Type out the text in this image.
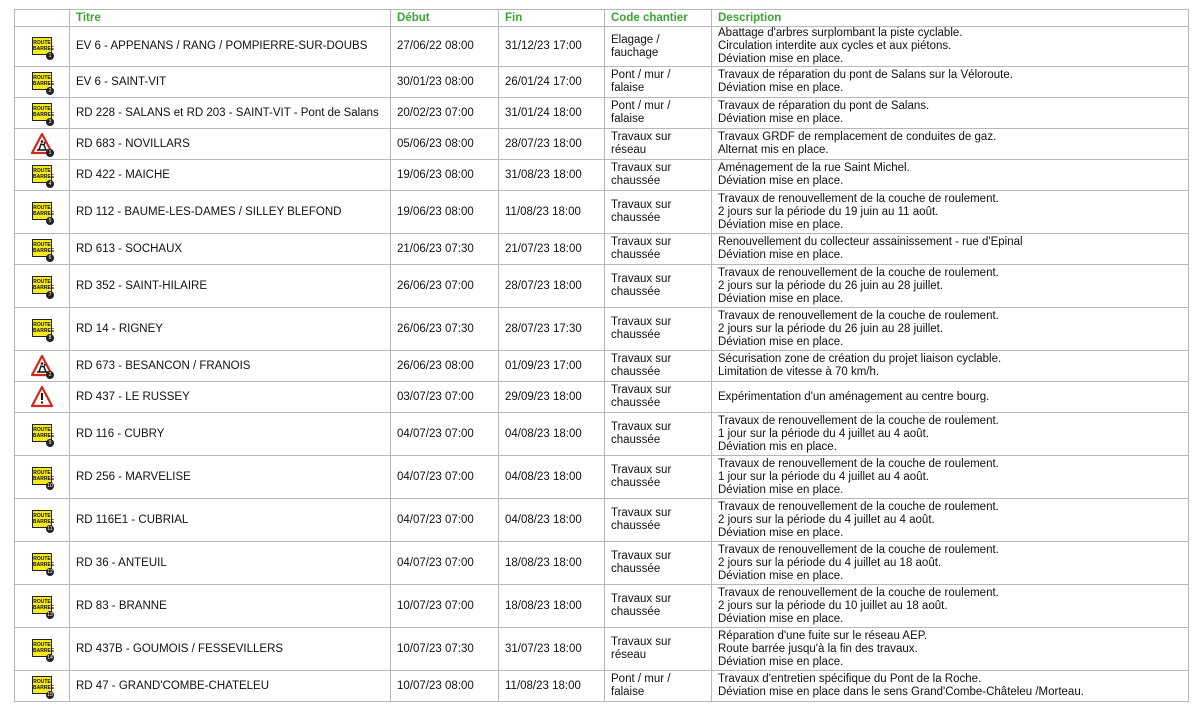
	Titre	Début	Fin	Code chantier	Description

ROUTE
BARREE
1	EV 6 - APPENANS / RANG / POMPIERRE-SUR-DOUBS	27/06/22 08:00	31/12/23 17:00	Elagage / fauchage	Abattage d'arbres surplombant la piste cyclable.
Circulation interdite aux cycles et aux piétons.
Déviation mise en place.

ROUTE
BARREE
2	EV 6 - SAINT-VIT	30/01/23 08:00	26/01/24 17:00	Pont / mur / falaise	Travaux de réparation du pont de Salans sur la Véloroute.
Déviation mise en place.

ROUTE
BARREE
3	RD 228 - SALANS et RD 203 - SAINT-VIT - Pont de Salans	20/02/23 07:00	31/01/24 18:00	Pont / mur / falaise	Travaux de réparation du pont de Salans.
Déviation mise en place.

1	RD 683 - NOVILLARS	05/06/23 08:00	28/07/23 18:00	Travaux sur réseau	Travaux GRDF de remplacement de conduites de gaz.
Alternat mis en place.

ROUTE
BARREE
4	RD 422 - MAICHE	19/06/23 08:00	31/08/23 18:00	Travaux sur chaussée	Aménagement de la rue Saint Michel.
Déviation mise en place.

ROUTE
BARREE
5	RD 112 - BAUME-LES-DAMES / SILLEY BLEFOND	19/06/23 08:00	11/08/23 18:00	Travaux sur chaussée	Travaux de renouvellement de la couche de roulement.
2 jours sur la période du 19 juin au 11 août.
Déviation mise en place.

ROUTE
BARREE
6	RD 613 - SOCHAUX	21/06/23 07:30	21/07/23 18:00	Travaux sur chaussée	Renouvellement du collecteur assainissement - rue d'Epinal
Déviation mise en place.

ROUTE
BARREE
7	RD 352 - SAINT-HILAIRE	26/06/23 07:00	28/07/23 18:00	Travaux sur chaussée	Travaux de renouvellement de la couche de roulement.
2 jours sur la période du 26 juin au 28 juillet.
Déviation mise en place.

ROUTE
BARREE
8	RD 14 - RIGNEY	26/06/23 07:30	28/07/23 17:30	Travaux sur chaussée	Travaux de renouvellement de la couche de roulement.
2 jours sur la période du 26 juin au 28 juillet.
Déviation mise en place.

2	RD 673 - BESANCON / FRANOIS	26/06/23 08:00	01/09/23 17:00	Travaux sur chaussée	Sécurisation zone de création du projet liaison cyclable.
Limitation de vitesse à 70 km/h.

	RD 437 - LE RUSSEY	03/07/23 07:00	29/09/23 18:00	Travaux sur chaussée	Expérimentation d'un aménagement au centre bourg.

ROUTE
BARREE
9	RD 116 - CUBRY	04/07/23 07:00	04/08/23 18:00	Travaux sur chaussée	Travaux de renouvellement de la couche de roulement.
1 jour sur la période du 4 juillet au 4 août.
Déviation mis en place.

ROUTE
BARREE
10	RD 256 - MARVELISE	04/07/23 07:00	04/08/23 18:00	Travaux sur chaussée	Travaux de renouvellement de la couche de roulement.
1 jour sur la période du 4 juillet au 4 août.
Déviation mise en place.

ROUTE
BARREE
11	RD 116E1 - CUBRIAL	04/07/23 07:00	04/08/23 18:00	Travaux sur chaussée	Travaux de renouvellement de la couche de roulement.
2 jours sur la période du 4 juillet au 4 août.
Déviation mise en place.

ROUTE
BARREE
12	RD 36 - ANTEUIL	04/07/23 07:00	18/08/23 18:00	Travaux sur chaussée	Travaux de renouvellement de la couche de roulement.
2 jours sur la période du 4 juillet au 18 août.
Déviation mise en place.

ROUTE
BARREE
13	RD 83 - BRANNE	10/07/23 07:00	18/08/23 18:00	Travaux sur chaussée	Travaux de renouvellement de la couche de roulement.
2 jours sur la période du 10 juillet au 18 août.
Déviation mise en place.

ROUTE
BARREE
14	RD 437B - GOUMOIS / FESSEVILLERS	10/07/23 07:30	31/07/23 18:00	Travaux sur réseau	Réparation d'une fuite sur le réseau AEP.
Route barrée jusqu'à la fin des travaux.
Déviation mise en place.

ROUTE
BARREE
15	RD 47 - GRAND'COMBE-CHATELEU	10/07/23 08:00	11/08/23 18:00	Pont / mur / falaise	Travaux d'entretien spécifique du Pont de la Roche.
Déviation mise en place dans le sens Grand'Combe-Châteleu /Morteau.
